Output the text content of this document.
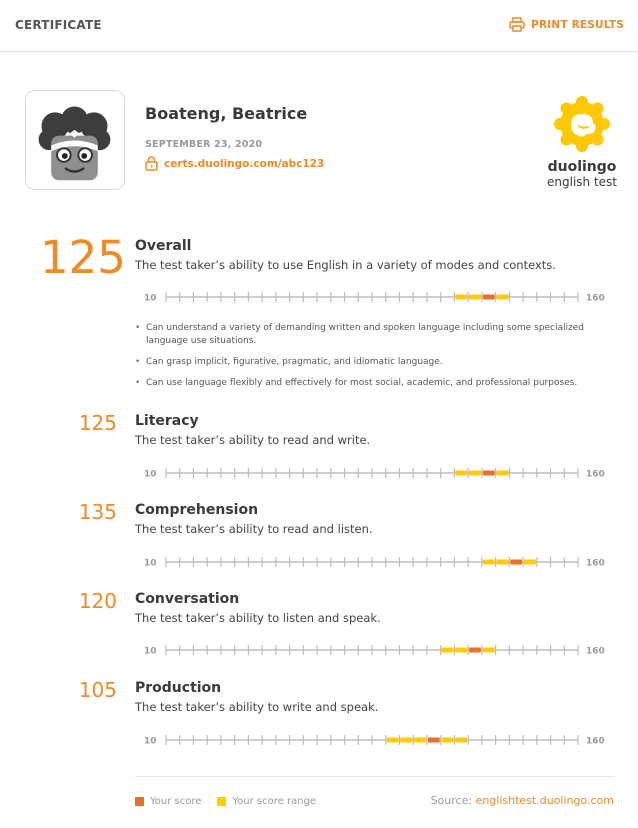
CERTIFICATE	PRINT RESULTS
Boateng, Beatrice
SEPTEMBER 23, 2020
certs.duolingo.com/abc123	duolingo
english test
125 Overall
The test taker’s ability to use English in a variety of modes and contexts.
10	160
• Can understand a variety of demanding written and spoken language including some specialized language use situations.
• Can grasp implicit, figurative, pragmatic, and idiomatic language.
• Can use language flexibly and effectively for most social, academic, and professional purposes.
125 Literacy
The test taker’s ability to read and write.
10	160
135 Comprehension
The test taker’s ability to read and listen.
10	160
120 Conversation
The test taker’s ability to listen and speak.
10	160
105 Production
The test taker’s ability to write and speak.
10	160
Your score	Your score range	Source: englishtest.duolingo.com
